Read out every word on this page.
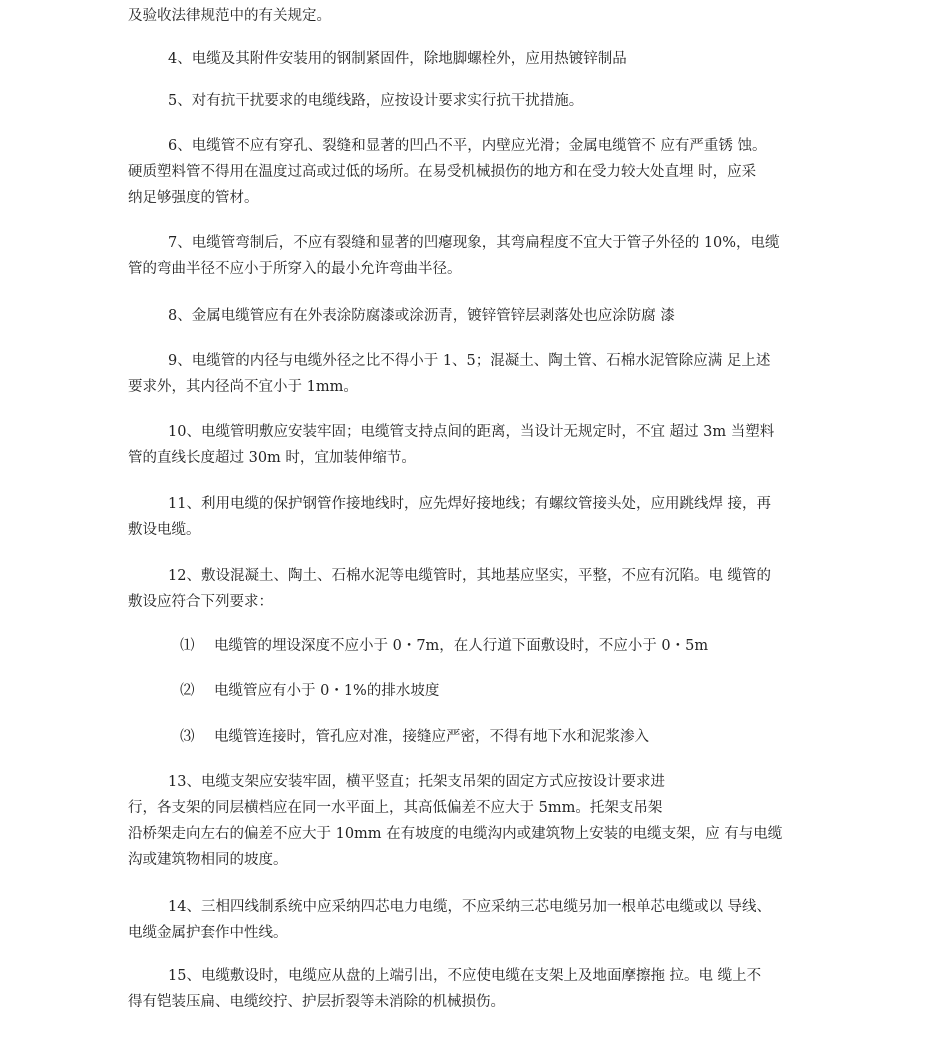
及验收法律规范中的有关规定。

4、电缆及其附件安装用的钢制紧固件，除地脚螺栓外，应用热镀锌制品

5、对有抗干扰要求的电缆线路，应按设计要求实行抗干扰措施。

6、电缆管不应有穿孔、裂缝和显著的凹凸不平，内壁应光滑；金属电缆管不 应有严重锈 蚀。
硬质塑料管不得用在温度过高或过低的场所。在易受机械损伤的地方和在受力较大处直埋 时，应采
纳足够强度的管材。

7、电缆管弯制后，不应有裂缝和显著的凹瘪现象，其弯扁程度不宜大于管子外径的 10%，电缆
管的弯曲半径不应小于所穿入的最小允许弯曲半径。

8、金属电缆管应有在外表涂防腐漆或涂沥青，镀锌管锌层剥落处也应涂防腐 漆

9、电缆管的内径与电缆外径之比不得小于 1、5；混凝土、陶土管、石棉水泥管除应满 足上述
要求外，其内径尚不宜小于 1mm。

10、电缆管明敷应安装牢固；电缆管支持点间的距离，当设计无规定时，不宜 超过 3m 当塑料
管的直线长度超过 30m 时，宜加装伸缩节。

11、利用电缆的保护钢管作接地线时，应先焊好接地线；有螺纹管接头处，应用跳线焊 接，再
敷设电缆。

12、敷设混凝土、陶土、石棉水泥等电缆管时，其地基应坚实，平整，不应有沉陷。电 缆管的
敷设应符合下列要求：

⑴ 电缆管的埋设深度不应小于 0・7m，在人行道下面敷设时，不应小于 0・5m

⑵ 电缆管应有小于 0・1%的排水坡度

⑶ 电缆管连接时，管孔应对准，接缝应严密，不得有地下水和泥浆渗入

13、电缆支架应安装牢固，横平竖直；托架支吊架的固定方式应按设计要求进
行，各支架的同层横档应在同一水平面上，其高低偏差不应大于 5mm。托架支吊架
沿桥架走向左右的偏差不应大于 10mm 在有坡度的电缆沟内或建筑物上安装的电缆支架，应 有与电缆
沟或建筑物相同的坡度。

14、三相四线制系统中应采纳四芯电力电缆，不应采纳三芯电缆另加一根单芯电缆或以 导线、
电缆金属护套作中性线。

15、电缆敷设时，电缆应从盘的上端引出，不应使电缆在支架上及地面摩擦拖 拉。电 缆上不
得有铠装压扁、电缆绞拧、护层折裂等未消除的机械损伤。
